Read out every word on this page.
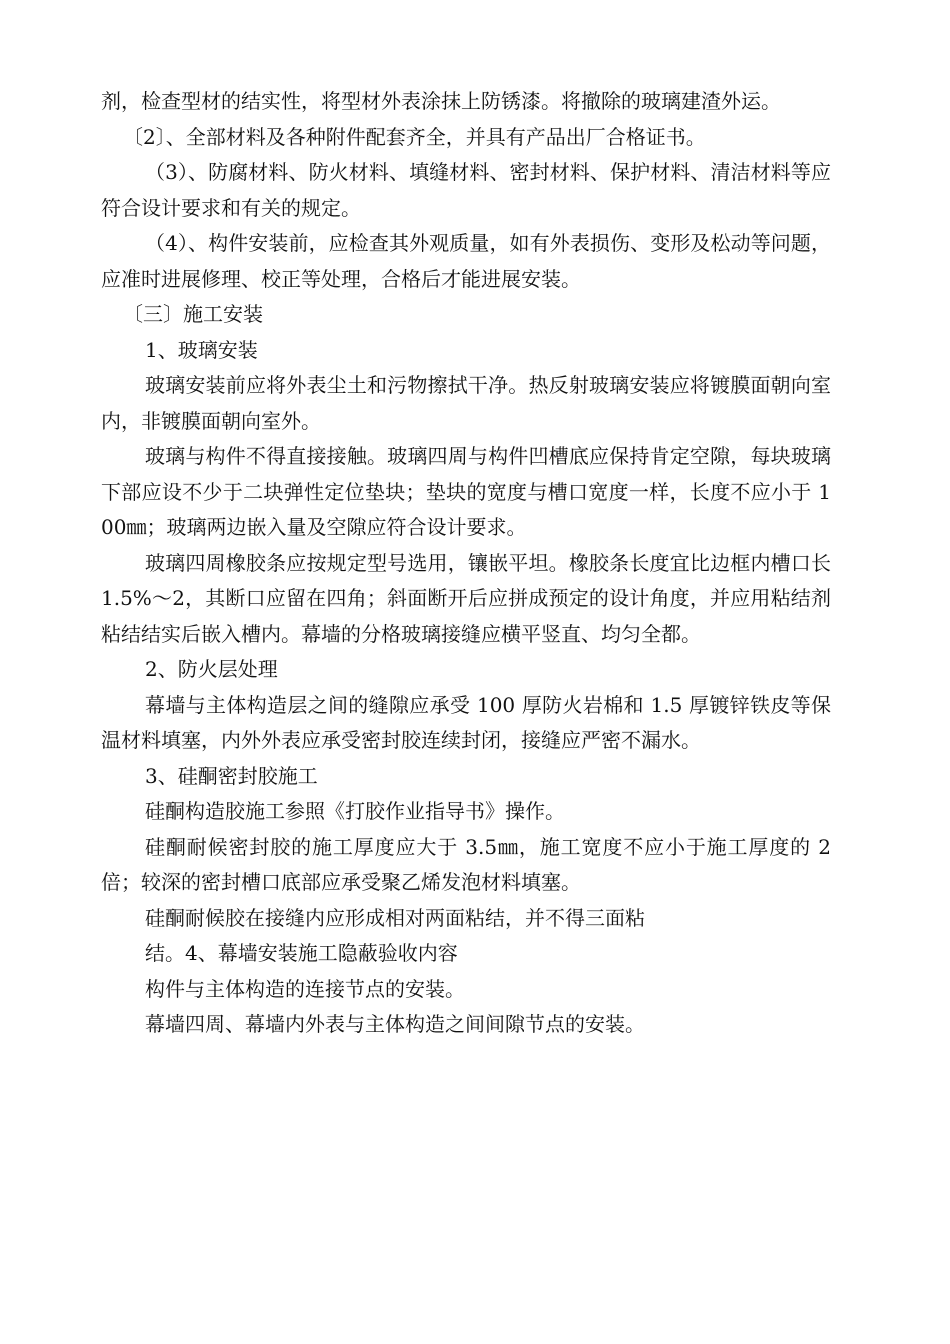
剂，检查型材的结实性，将型材外表涂抹上防锈漆。将撤除的玻璃建渣外运。

〔2〕、全部材料及各种附件配套齐全，并具有产品出厂合格证书。

（3）、防腐材料、防火材料、填缝材料、密封材料、保护材料、清洁材料等应符合设计要求和有关的规定。

（4）、构件安装前，应检查其外观质量，如有外表损伤、变形及松动等问题，应准时进展修理、校正等处理，合格后才能进展安装。

〔三〕施工安装

1、玻璃安装

玻璃安装前应将外表尘土和污物擦拭干净。热反射玻璃安装应将镀膜面朝向室内，非镀膜面朝向室外。

玻璃与构件不得直接接触。玻璃四周与构件凹槽底应保持肯定空隙，每块玻璃下部应设不少于二块弹性定位垫块；垫块的宽度与槽口宽度一样，长度不应小于 100㎜；玻璃两边嵌入量及空隙应符合设计要求。

玻璃四周橡胶条应按规定型号选用，镶嵌平坦。橡胶条长度宜比边框内槽口长 1.5%～2，其断口应留在四角；斜面断开后应拼成预定的设计角度，并应用粘结剂粘结结实后嵌入槽内。幕墙的分格玻璃接缝应横平竖直、均匀全都。

2、防火层处理

幕墙与主体构造层之间的缝隙应承受 100 厚防火岩棉和 1.5 厚镀锌铁皮等保温材料填塞，内外外表应承受密封胶连续封闭，接缝应严密不漏水。

3、硅酮密封胶施工

硅酮构造胶施工参照《打胶作业指导书》操作。

硅酮耐候密封胶的施工厚度应大于 3.5㎜，施工宽度不应小于施工厚度的 2 倍；较深的密封槽口底部应承受聚乙烯发泡材料填塞。

硅酮耐候胶在接缝内应形成相对两面粘结，并不得三面粘

结。4、幕墙安装施工隐蔽验收内容

构件与主体构造的连接节点的安装。

幕墙四周、幕墙内外表与主体构造之间间隙节点的安装。
